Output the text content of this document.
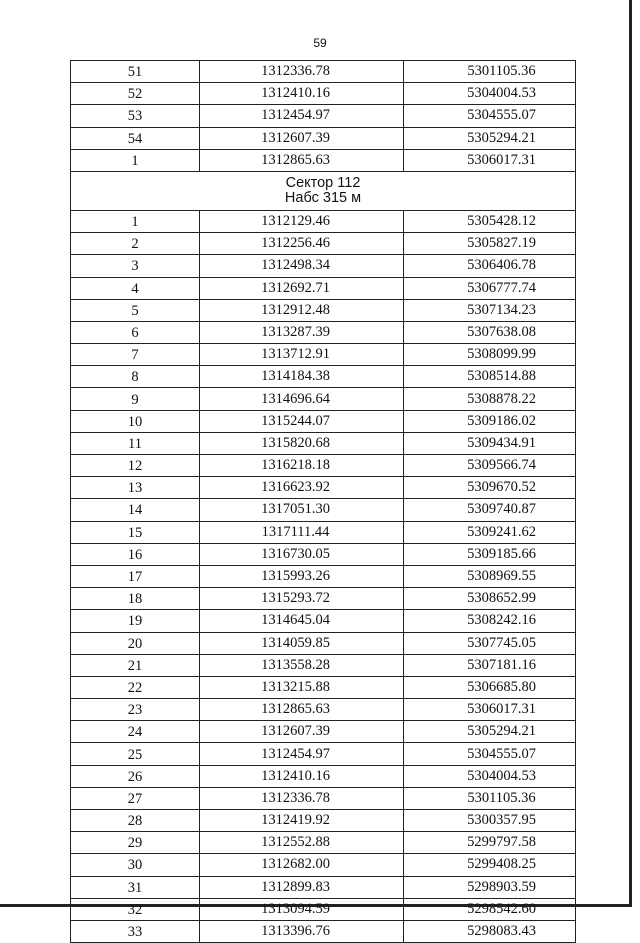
59
51	1312336.78	5301105.36
52	1312410.16	5304004.53
53	1312454.97	5304555.07
54	1312607.39	5305294.21
1	1312865.63	5306017.31

Сектор 112
Набс 315 м		

1	1312129.46	5305428.12
2	1312256.46	5305827.19
3	1312498.34	5306406.78
4	1312692.71	5306777.74
5	1312912.48	5307134.23
6	1313287.39	5307638.08
7	1313712.91	5308099.99
8	1314184.38	5308514.88
9	1314696.64	5308878.22
10	1315244.07	5309186.02
11	1315820.68	5309434.91
12	1316218.18	5309566.74
13	1316623.92	5309670.52
14	1317051.30	5309740.87
15	1317111.44	5309241.62
16	1316730.05	5309185.66
17	1315993.26	5308969.55
18	1315293.72	5308652.99
19	1314645.04	5308242.16
20	1314059.85	5307745.05
21	1313558.28	5307181.16
22	1313215.88	5306685.80
23	1312865.63	5306017.31
24	1312607.39	5305294.21
25	1312454.97	5304555.07
26	1312410.16	5304004.53
27	1312336.78	5301105.36
28	1312419.92	5300357.95
29	1312552.88	5299797.58
30	1312682.00	5299408.25
31	1312899.83	5298903.59
32	1313094.59	5298542.60
33	1313396.76	5298083.43
